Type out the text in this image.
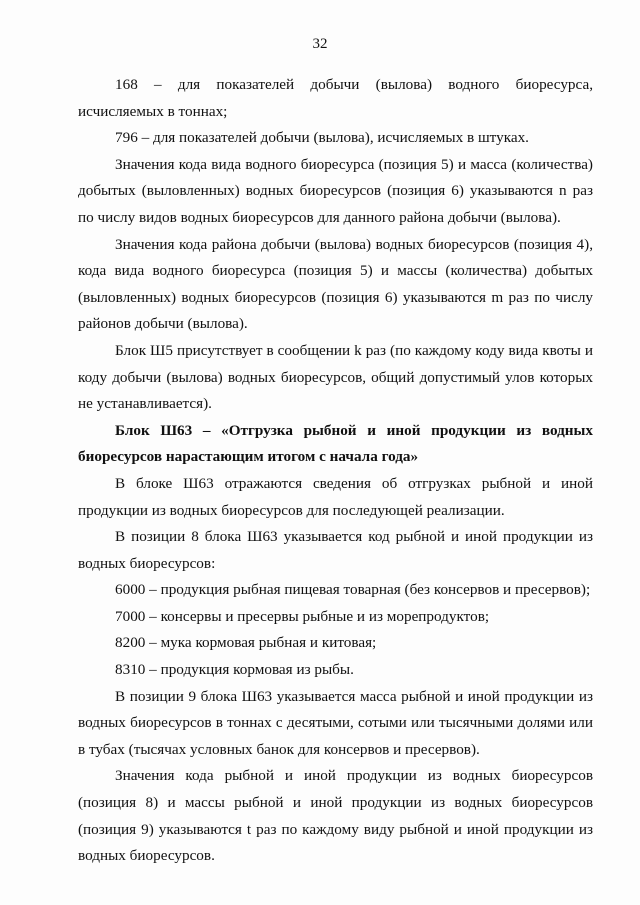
32

168 – для показателей добычи (вылова) водного биоресурса, исчисляемых в тоннах;

796 – для показателей добычи (вылова), исчисляемых в штуках.

Значения кода вида водного биоресурса (позиция 5) и масса (количества) добытых (выловленных) водных биоресурсов (позиция 6) указываются n раз по числу видов водных биоресурсов для данного района добычи (вылова).

Значения кода района добычи (вылова) водных биоресурсов (позиция 4), кода вида водного биоресурса (позиция 5) и массы (количества) добытых (выловленных) водных биоресурсов (позиция 6) указываются m раз по числу районов добычи (вылова).

Блок Ш5 присутствует в сообщении k раз (по каждому коду вида квоты и коду добычи (вылова) водных биоресурсов, общий допустимый улов которых не устанавливается).

Блок Ш63 – «Отгрузка рыбной и иной продукции из водных биоресурсов нарастающим итогом с начала года»

В блоке Ш63 отражаются сведения об отгрузках рыбной и иной продукции из водных биоресурсов для последующей реализации.

В позиции 8 блока Ш63 указывается код рыбной и иной продукции из водных биоресурсов:

6000 – продукция рыбная пищевая товарная (без консервов и пресервов);

7000 – консервы и пресервы рыбные и из морепродуктов;

8200 – мука кормовая рыбная и китовая;

8310 – продукция кормовая из рыбы.

В позиции 9 блока Ш63 указывается масса рыбной и иной продукции из водных биоресурсов в тоннах с десятыми, сотыми или тысячными долями или в тубах (тысячах условных банок для консервов и пресервов).

Значения кода рыбной и иной продукции из водных биоресурсов (позиция 8) и массы рыбной и иной продукции из водных биоресурсов (позиция 9) указываются t раз по каждому виду рыбной и иной продукции из водных биоресурсов.
